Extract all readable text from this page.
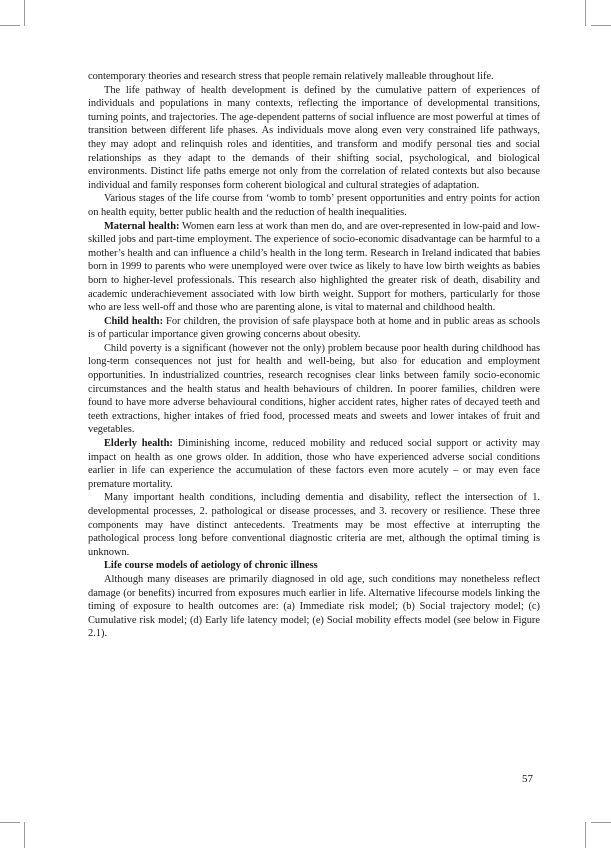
contemporary theories and research stress that people remain relatively malleable throughout life.

The life pathway of health development is defined by the cumulative pattern of experiences of individuals and populations in many contexts, reflecting the importance of developmental transitions, turning points, and trajectories. The age-dependent patterns of social influence are most powerful at times of transition between different life phases. As individuals move along even very constrained life pathways, they may adopt and relinquish roles and identities, and transform and modify personal ties and social relationships as they adapt to the demands of their shifting social, psychological, and biological environments. Distinct life paths emerge not only from the correlation of related contexts but also because individual and family responses form coherent biological and cultural strategies of adaptation.

Various stages of the life course from ‘womb to tomb’ present opportunities and entry points for action on health equity, better public health and the reduction of health inequalities.

Maternal health: Women earn less at work than men do, and are over-represented in low-paid and low-skilled jobs and part-time employment. The experience of socio-economic disadvantage can be harmful to a mother’s health and can influence a child’s health in the long term. Research in Ireland indicated that babies born in 1999 to parents who were unemployed were over twice as likely to have low birth weights as babies born to higher-level professionals. This research also highlighted the greater risk of death, disability and academic underachievement associated with low birth weight. Support for mothers, particularly for those who are less well-off and those who are parenting alone, is vital to maternal and childhood health.

Child health: For children, the provision of safe playspace both at home and in public areas as schools is of particular importance given growing concerns about obesity.

Child poverty is a significant (however not the only) problem because poor health during childhood has long-term consequences not just for health and well-being, but also for education and employment opportunities. In industrialized countries, research recognises clear links between family socio-economic circumstances and the health status and health behaviours of children. In poorer families, children were found to have more adverse behavioural conditions, higher accident rates, higher rates of decayed teeth and teeth extractions, higher intakes of fried food, processed meats and sweets and lower intakes of fruit and vegetables.

Elderly health: Diminishing income, reduced mobility and reduced social support or activity may impact on health as one grows older. In addition, those who have experienced adverse social conditions earlier in life can experience the accumulation of these factors even more acutely – or may even face premature mortality.

Many important health conditions, including dementia and disability, reflect the intersection of 1. developmental processes, 2. pathological or disease processes, and 3. recovery or resilience. These three components may have distinct antecedents. Treatments may be most effective at interrupting the pathological process long before conventional diagnostic criteria are met, although the optimal timing is unknown.

Life course models of aetiology of chronic illness

Although many diseases are primarily diagnosed in old age, such conditions may nonetheless reflect damage (or benefits) incurred from exposures much earlier in life. Alternative lifecourse models linking the timing of exposure to health outcomes are: (a) Immediate risk model; (b) Social trajectory model; (c) Cumulative risk model; (d) Early life latency model; (e) Social mobility effects model (see below in Figure 2.1).

57
